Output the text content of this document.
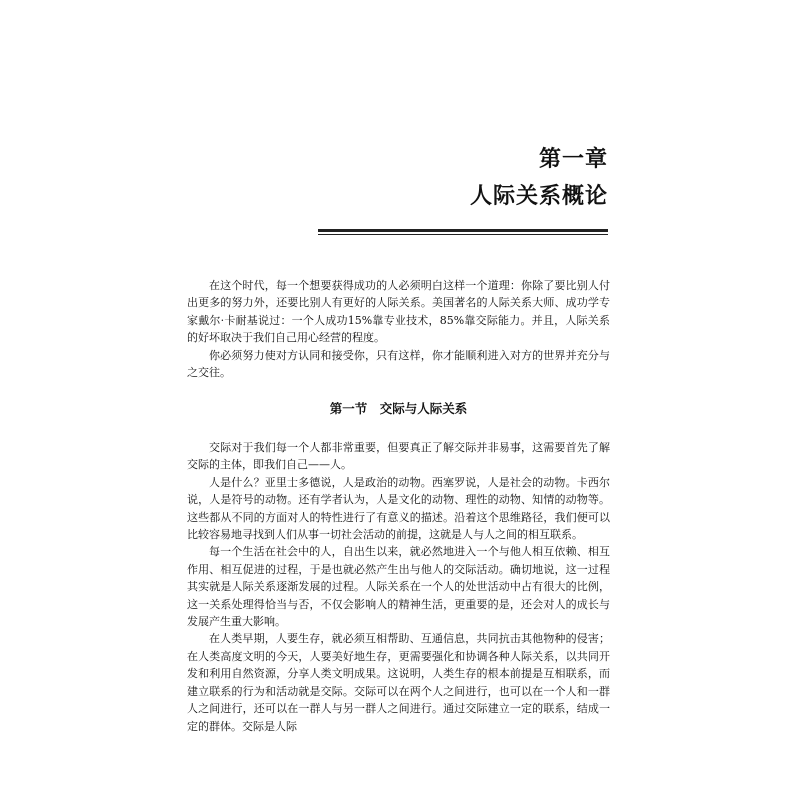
第一章
人际关系概论

在这个时代，每一个想要获得成功的人必须明白这样一个道理：你除了要比别人付出更多的努力外，还要比别人有更好的人际关系。美国著名的人际关系大师、成功学专家戴尔·卡耐基说过：一个人成功15%靠专业技术，85%靠交际能力。并且，人际关系的好坏取决于我们自己用心经营的程度。

你必须努力使对方认同和接受你，只有这样，你才能顺利进入对方的世界并充分与之交往。

第一节　交际与人际关系

交际对于我们每一个人都非常重要，但要真正了解交际并非易事，这需要首先了解交际的主体，即我们自己——人。

人是什么？亚里士多德说，人是政治的动物。西塞罗说，人是社会的动物。卡西尔说，人是符号的动物。还有学者认为，人是文化的动物、理性的动物、知情的动物等。这些都从不同的方面对人的特性进行了有意义的描述。沿着这个思维路径，我们便可以比较容易地寻找到人们从事一切社会活动的前提，这就是人与人之间的相互联系。

每一个生活在社会中的人，自出生以来，就必然地进入一个与他人相互依赖、相互作用、相互促进的过程，于是也就必然产生出与他人的交际活动。确切地说，这一过程其实就是人际关系逐渐发展的过程。人际关系在一个人的处世活动中占有很大的比例，这一关系处理得恰当与否，不仅会影响人的精神生活，更重要的是，还会对人的成长与发展产生重大影响。

在人类早期，人要生存，就必须互相帮助、互通信息，共同抗击其他物种的侵害；在人类高度文明的今天，人要美好地生存，更需要强化和协调各种人际关系，以共同开发和利用自然资源，分享人类文明成果。这说明，人类生存的根本前提是互相联系，而建立联系的行为和活动就是交际。交际可以在两个人之间进行，也可以在一个人和一群人之间进行，还可以在一群人与另一群人之间进行。通过交际建立一定的联系，结成一定的群体。交际是人际
